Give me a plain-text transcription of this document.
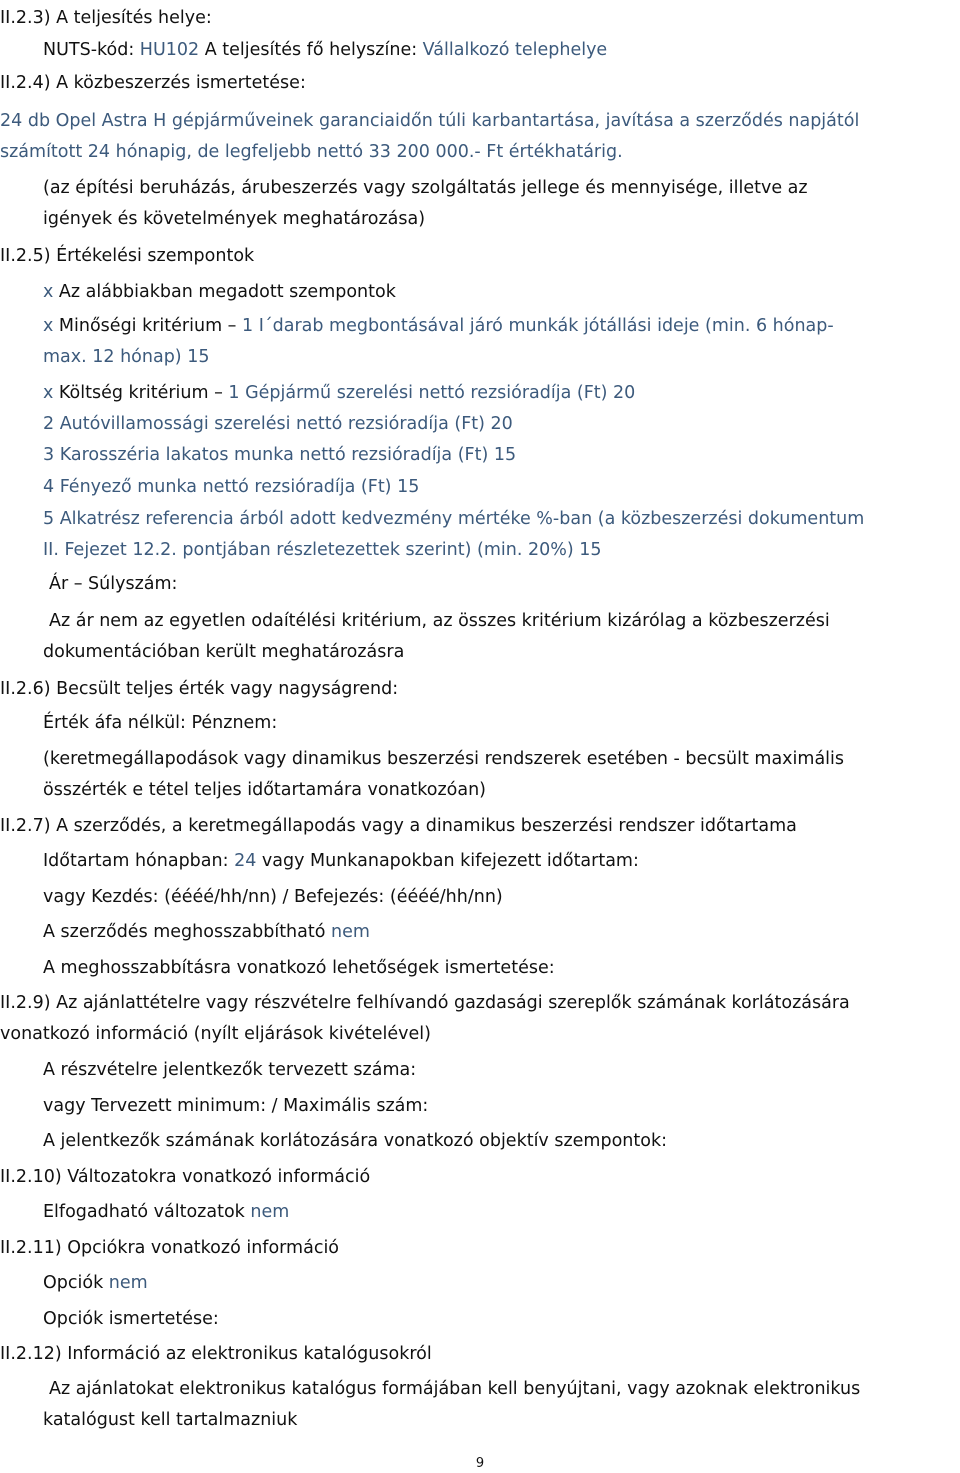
II.2.3) A teljesítés helye:
NUTS-kód: HU102 A teljesítés fő helyszíne: Vállalkozó telephelye
II.2.4) A közbeszerzés ismertetése:
24 db Opel Astra H gépjárműveinek garanciaidőn túli karbantartása, javítása a szerződés napjától
számított 24 hónapig, de legfeljebb nettó 33 200 000.- Ft értékhatárig.
(az építési beruházás, árubeszerzés vagy szolgáltatás jellege és mennyisége, illetve az
igények és követelmények meghatározása)
II.2.5) Értékelési szempontok
x Az alábbiakban megadott szempontok
x Minőségi kritérium – 1 I´darab megbontásával járó munkák jótállási ideje (min. 6 hónap-
max. 12 hónap) 15
x Költség kritérium – 1 Gépjármű szerelési nettó rezsióradíja (Ft) 20
2 Autóvillamossági szerelési nettó rezsióradíja (Ft) 20
3 Karosszéria lakatos munka nettó rezsióradíja (Ft) 15
4 Fényező munka nettó rezsióradíja (Ft) 15
5 Alkatrész referencia árból adott kedvezmény mértéke %-ban (a közbeszerzési dokumentum
II. Fejezet 12.2. pontjában részletezettek szerint) (min. 20%) 15
Ár – Súlyszám:
Az ár nem az egyetlen odaítélési kritérium, az összes kritérium kizárólag a közbeszerzési
dokumentációban került meghatározásra
II.2.6) Becsült teljes érték vagy nagyságrend:
Érték áfa nélkül: Pénznem:
(keretmegállapodások vagy dinamikus beszerzési rendszerek esetében - becsült maximális
összérték e tétel teljes időtartamára vonatkozóan)
II.2.7) A szerződés, a keretmegállapodás vagy a dinamikus beszerzési rendszer időtartama
Időtartam hónapban: 24 vagy Munkanapokban kifejezett időtartam:
vagy Kezdés: (éééé/hh/nn) / Befejezés: (éééé/hh/nn)
A szerződés meghosszabbítható nem
A meghosszabbításra vonatkozó lehetőségek ismertetése:
II.2.9) Az ajánlattételre vagy részvételre felhívandó gazdasági szereplők számának korlátozására
vonatkozó információ (nyílt eljárások kivételével)
A részvételre jelentkezők tervezett száma:
vagy Tervezett minimum: / Maximális szám:
A jelentkezők számának korlátozására vonatkozó objektív szempontok:
II.2.10) Változatokra vonatkozó információ
Elfogadható változatok nem
II.2.11) Opciókra vonatkozó információ
Opciók nem
Opciók ismertetése:
II.2.12) Információ az elektronikus katalógusokról
Az ajánlatokat elektronikus katalógus formájában kell benyújtani, vagy azoknak elektronikus
katalógust kell tartalmazniuk
9
